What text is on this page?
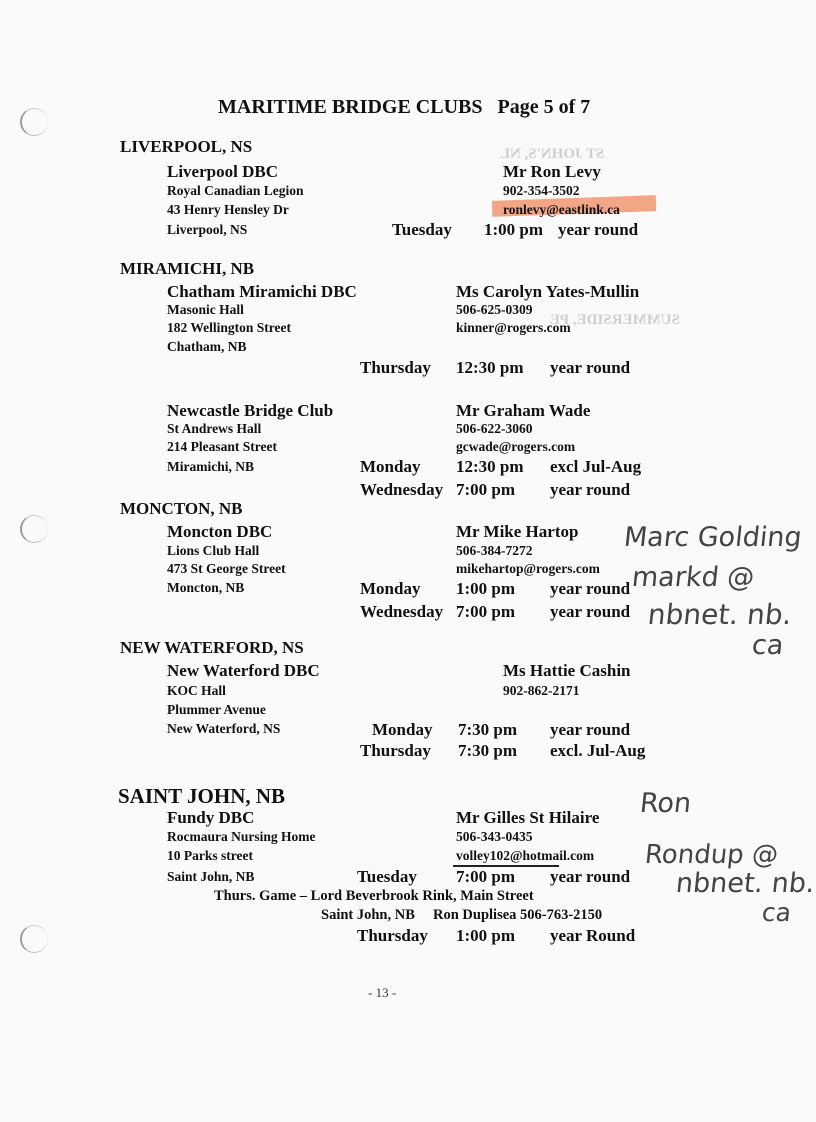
ST JOHN'S, NL
SUMMERSIDE, PE
MARITIME BRIDGE CLUBS Page 5 of 7
LIVERPOOL, NS
Liverpool DBC
Royal Canadian Legion
43 Henry Hensley Dr
Liverpool, NS
Mr Ron Levy
902-354-3502
ronlevy@eastlink.ca
Tuesday 1:00 pm year round
MIRAMICHI, NB
Chatham Miramichi DBC
Masonic Hall
182 Wellington Street
Chatham, NB
Ms Carolyn Yates-Mullin
506-625-0309
kinner@rogers.com
Thursday 12:30 pm year round
Newcastle Bridge Club
St Andrews Hall
214 Pleasant Street
Miramichi, NB
Mr Graham Wade
506-622-3060
gcwade@rogers.com
Monday 12:30 pm excl Jul-Aug
Wednesday 7:00 pm year round
MONCTON, NB
Moncton DBC
Lions Club Hall
473 St George Street
Moncton, NB
Mr Mike Hartop
506-384-7272
mikehartop@rogers.com
Monday 1:00 pm year round
Wednesday 7:00 pm year round
Marc Golding
markd @
nbnet. nb.
ca
NEW WATERFORD, NS
New Waterford DBC
KOC Hall
Plummer Avenue
New Waterford, NS
Ms Hattie Cashin
902-862-2171
Monday 7:30 pm year round
Thursday 7:30 pm excl. Jul-Aug
SAINT JOHN, NB
Fundy DBC
Rocmaura Nursing Home
10 Parks street
Saint John, NB
Mr Gilles St Hilaire
506-343-0435
volley102@hotmail.com
Tuesday 7:00 pm year round
Thurs. Game – Lord Beverbrook Rink, Main Street
Saint John, NB Ron Duplisea 506-763-2150
Thursday 1:00 pm year Round
Ron
Rondup @
nbnet. nb.
ca
- 13 -
